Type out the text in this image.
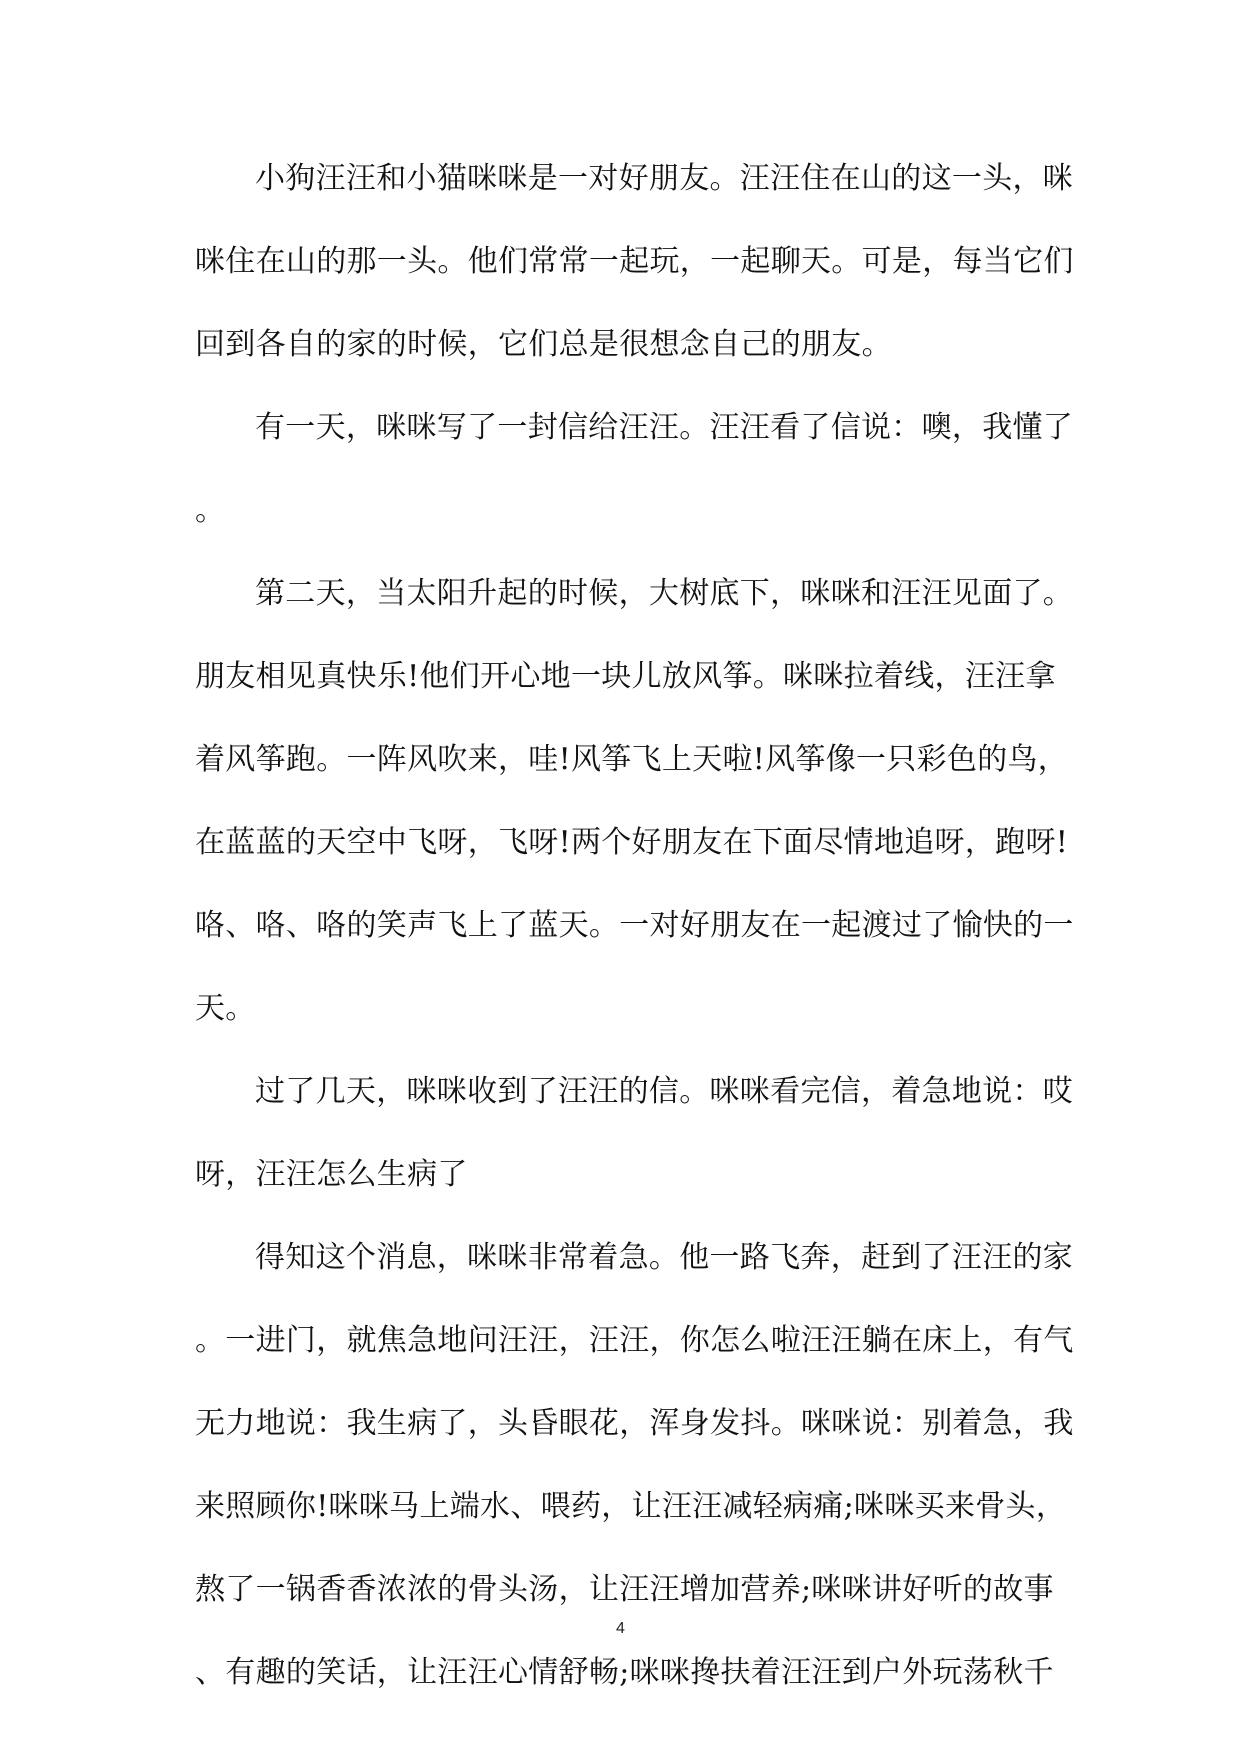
小狗汪汪和小猫咪咪是一对好朋友。汪汪住在山的这一头，咪
咪住在山的那一头。他们常常一起玩，一起聊天。可是，每当它们
回到各自的家的时候，它们总是很想念自己的朋友。
有一天，咪咪写了一封信给汪汪。汪汪看了信说：噢，我懂了
。
第二天，当太阳升起的时候，大树底下，咪咪和汪汪见面了。
朋友相见真快乐!他们开心地一块儿放风筝。咪咪拉着线，汪汪拿
着风筝跑。一阵风吹来，哇!风筝飞上天啦!风筝像一只彩色的鸟，
在蓝蓝的天空中飞呀，飞呀!两个好朋友在下面尽情地追呀，跑呀!
咯、咯、咯的笑声飞上了蓝天。一对好朋友在一起渡过了愉快的一
天。
过了几天，咪咪收到了汪汪的信。咪咪看完信，着急地说：哎
呀，汪汪怎么生病了
得知这个消息，咪咪非常着急。他一路飞奔，赶到了汪汪的家
。一进门，就焦急地问汪汪，汪汪，你怎么啦汪汪躺在床上，有气
无力地说：我生病了，头昏眼花，浑身发抖。咪咪说：别着急，我
来照顾你!咪咪马上端水、喂药，让汪汪减轻病痛;咪咪买来骨头，
熬了一锅香香浓浓的骨头汤，让汪汪增加营养;咪咪讲好听的故事
、有趣的笑话，让汪汪心情舒畅;咪咪搀扶着汪汪到户外玩荡秋千
4
